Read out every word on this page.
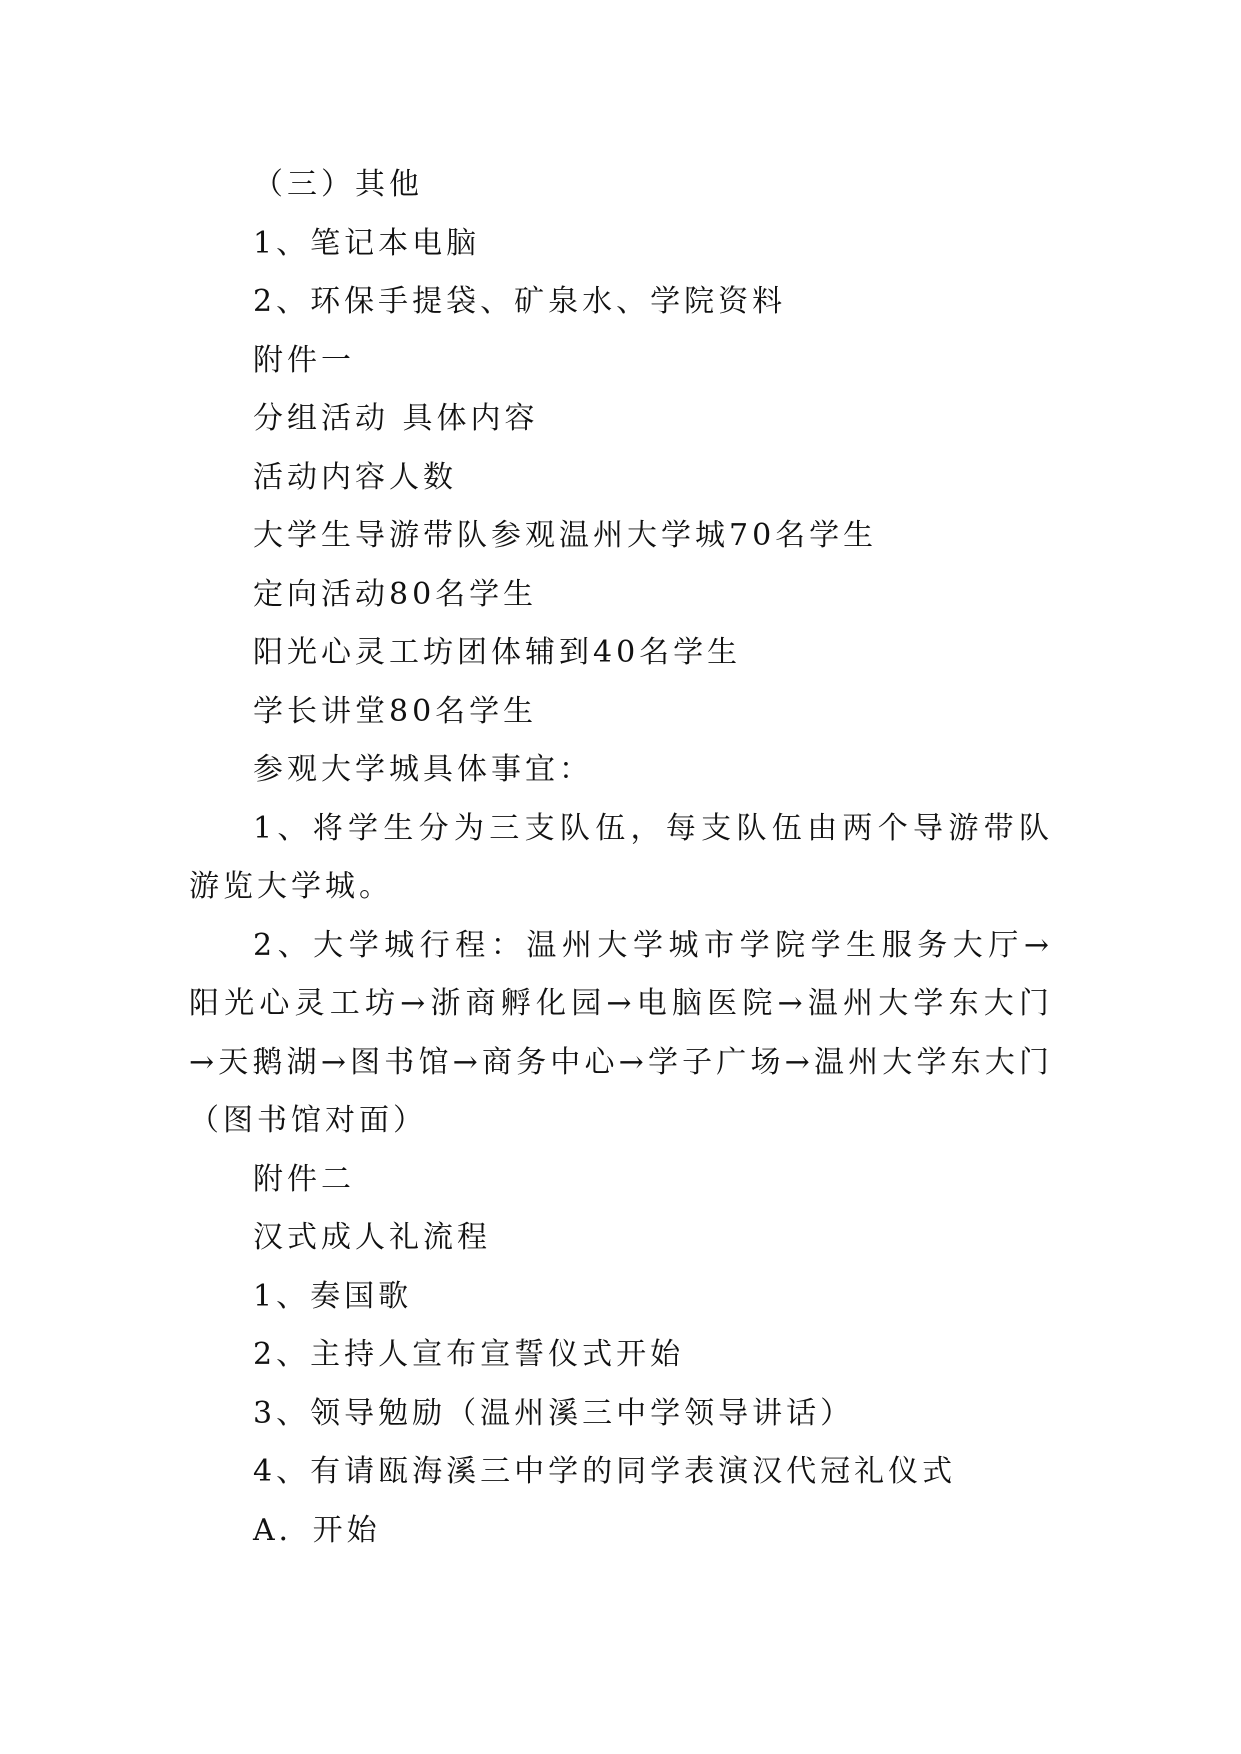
（三）其他
1、笔记本电脑
2、环保手提袋、矿泉水、学院资料
附件一
分组活动 具体内容
活动内容人数
大学生导游带队参观温州大学城70名学生
定向活动80名学生
阳光心灵工坊团体辅到40名学生
学长讲堂80名学生
参观大学城具体事宜：
1、将学生分为三支队伍，每支队伍由两个导游带队游览大学城。
2、大学城行程：温州大学城市学院学生服务大厅→阳光心灵工坊→浙商孵化园→电脑医院→温州大学东大门→天鹅湖→图书馆→商务中心→学子广场→温州大学东大门（图书馆对面）
附件二
汉式成人礼流程
1、奏国歌
2、主持人宣布宣誓仪式开始
3、领导勉励（温州溪三中学领导讲话）
4、有请瓯海溪三中学的同学表演汉代冠礼仪式
A．开始
